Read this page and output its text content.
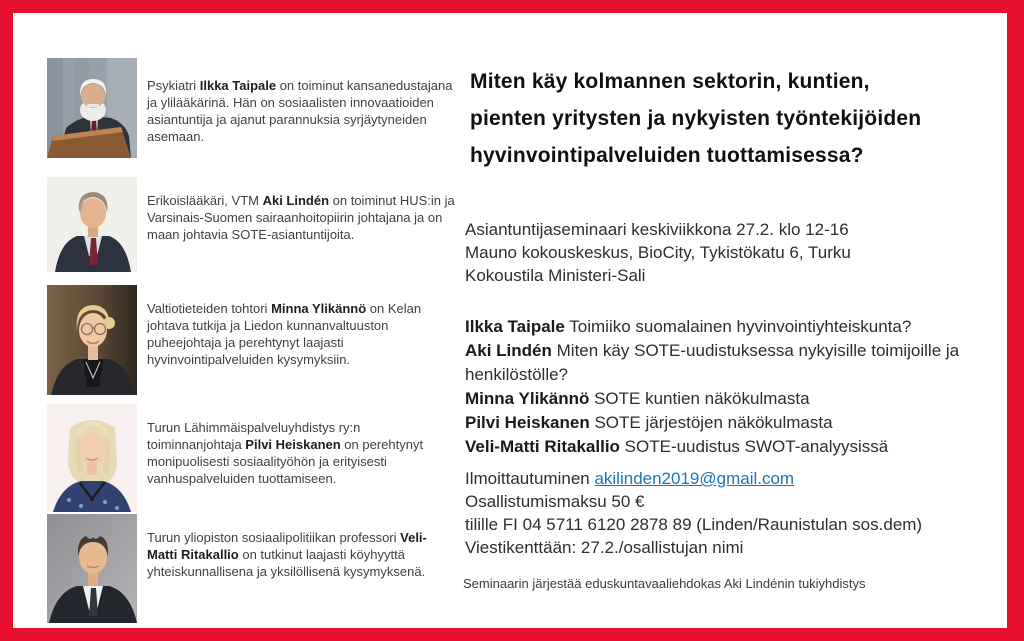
Psykiatri Ilkka Taipale on toiminut kansanedustajana ja ylilääkärinä. Hän on sosiaalisten innovaatioiden asiantuntija ja ajanut parannuksia syrjäytyneiden asemaan.

Erikoislääkäri, VTM Aki Lindén on toiminut HUS:in ja Varsinais-Suomen sairaanhoitopiirin johtajana ja on maan johtavia SOTE-asiantuntijoita.

Valtiotieteiden tohtori Minna Ylikännö on Kelan johtava tutkija ja Liedon kunnanvaltuuston puheejohtaja ja perehtynyt laajasti hyvinvointipalveluiden kysymyksiin.

Turun Lähimmäispalveluyhdistys ry:n toiminnanjohtaja Pilvi Heiskanen on perehtynyt monipuolisesti sosiaalityöhön ja erityisesti vanhuspalveluiden tuottamiseen.

Turun yliopiston sosiaalipolitiikan professori Veli-Matti Ritakallio on tutkinut laajasti köyhyyttä yhteiskunnallisena ja yksilöllisenä kysymyksenä.

Miten käy kolmannen sektorin, kuntien,
pienten yritysten ja nykyisten työntekijöiden
hyvinvointipalveluiden tuottamisessa?
Asiantuntijaseminaari keskiviikkona 27.2. klo 12-16
Mauno kokouskeskus, BioCity, Tykistökatu 6, Turku
Kokoustila Ministeri-Sali
Ilkka Taipale Toimiiko suomalainen hyvinvointiyhteiskunta?
Aki Lindén Miten käy SOTE-uudistuksessa nykyisille toimijoille ja henkilöstölle?
Minna Ylikännö SOTE kuntien näkökulmasta
Pilvi Heiskanen SOTE järjestöjen näkökulmasta
Veli-Matti Ritakallio SOTE-uudistus SWOT-analyysissä
Ilmoittautuminen akilinden2019@gmail.com
Osallistumismaksu 50 €
tilille FI 04 5711 6120 2878 89 (Linden/Raunistulan sos.dem)
Viestikenttään: 27.2./osallistujan nimi
Seminaarin järjestää eduskuntavaaliehdokas Aki Lindénin tukiyhdistys
